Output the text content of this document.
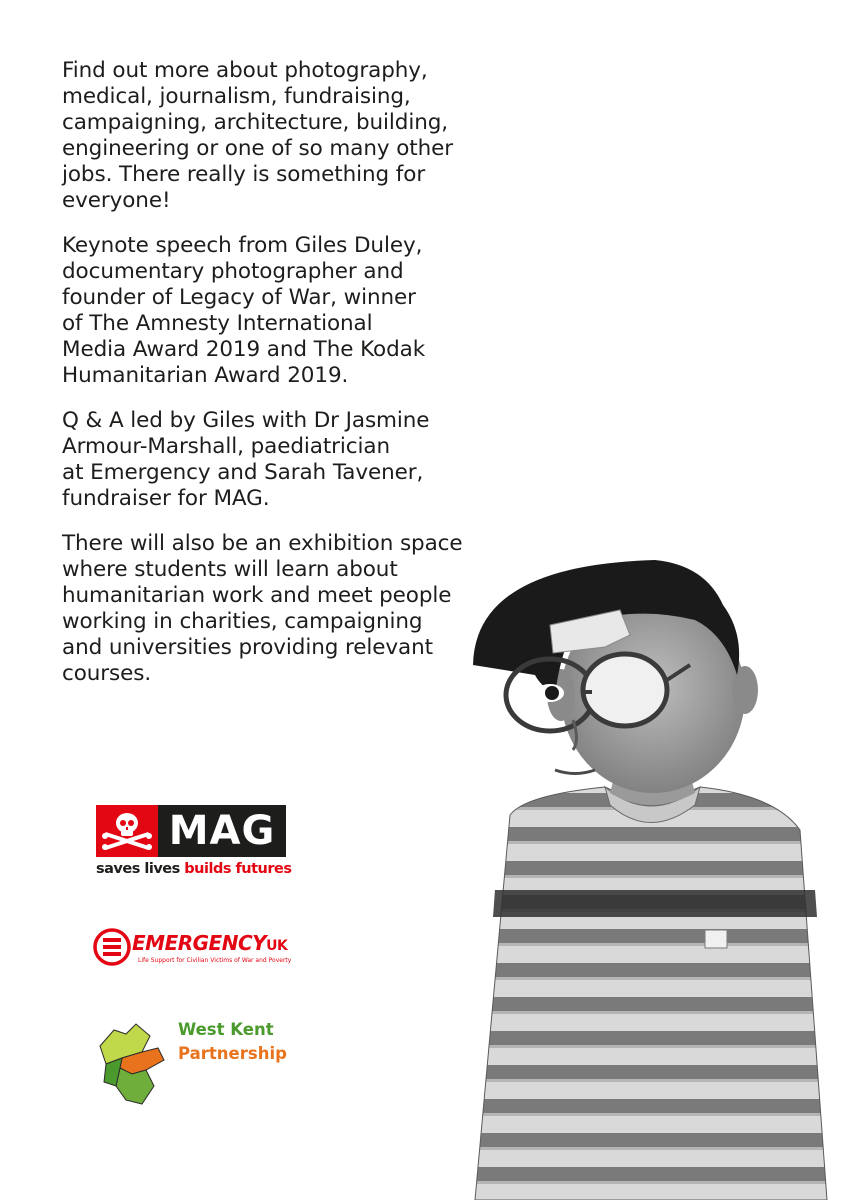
Find out more about photography,
medical, journalism, fundraising,
campaigning, architecture, building,
engineering or one of so many other
jobs. There really is something for
everyone!

Keynote speech from Giles Duley,
documentary photographer and
founder of Legacy of War, winner
of The Amnesty International
Media Award 2019 and The Kodak
Humanitarian Award 2019.

Q & A led by Giles with Dr Jasmine
Armour-Marshall, paediatrician
at Emergency and Sarah Tavener,
fundraiser for MAG.

There will also be an exhibition space
where students will learn about
humanitarian work and meet people
working in charities, campaigning
and universities providing relevant
courses.

MAG
saves lives builds futures
EMERGENCYUK
Life Support for Civilian Victims of War and Poverty
West Kent
Partnership
